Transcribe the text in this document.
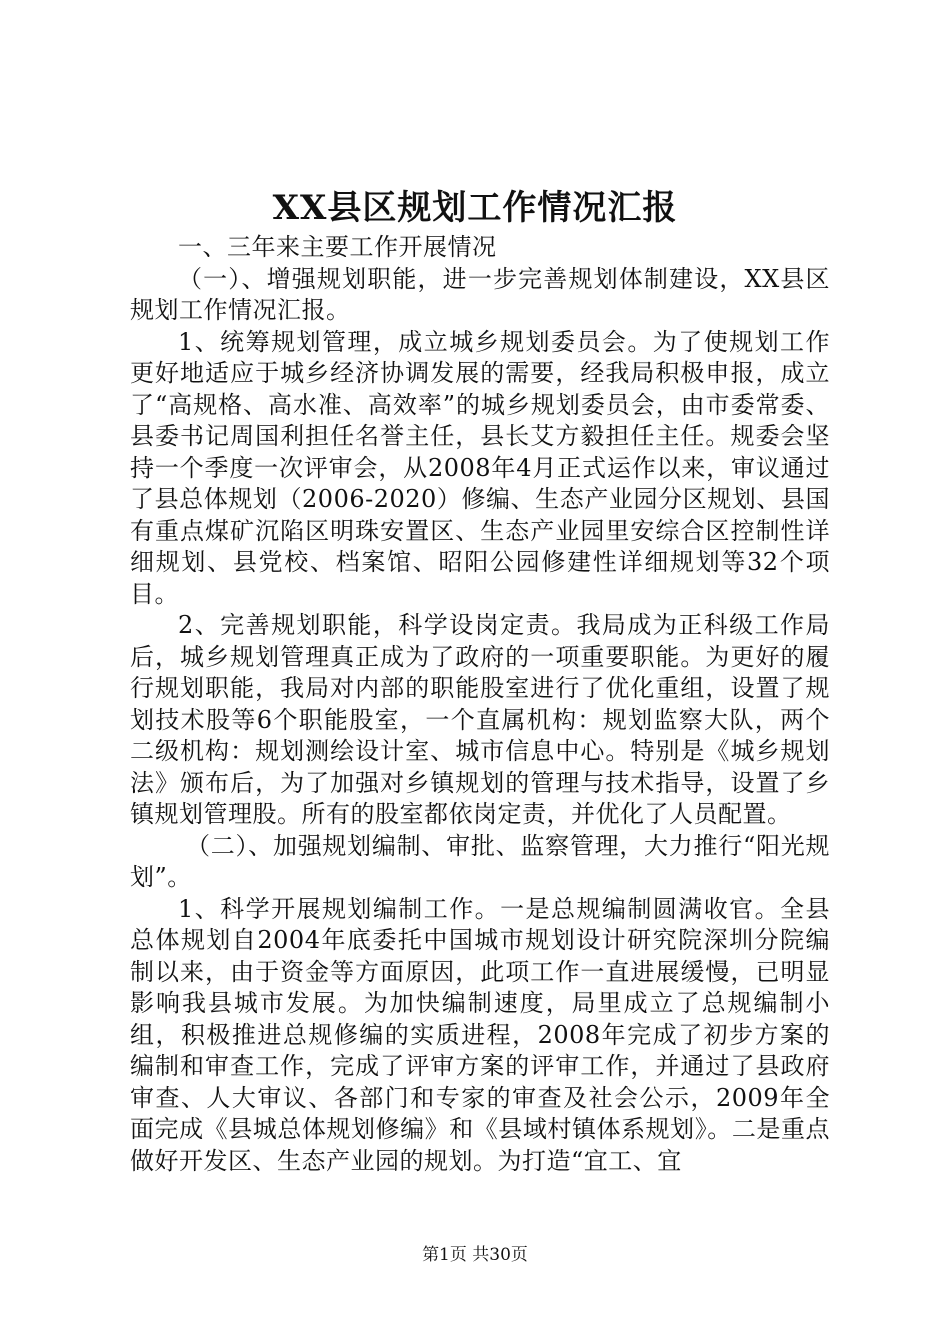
XX县区规划工作情况汇报

一、三年来主要工作开展情况

（一）、增强规划职能，进一步完善规划体制建设，XX县区规划工作情况汇报。

1、统筹规划管理，成立城乡规划委员会。为了使规划工作更好地适应于城乡经济协调发展的需要，经我局积极申报，成立了“高规格、高水准、高效率”的城乡规划委员会，由市委常委、县委书记周国利担任名誉主任，县长艾方毅担任主任。规委会坚持一个季度一次评审会，从2008年4月正式运作以来，审议通过了县总体规划（2006-2020）修编、生态产业园分区规划、县国有重点煤矿沉陷区明珠安置区、生态产业园里安综合区控制性详细规划、县党校、档案馆、昭阳公园修建性详细规划等32个项目。

2、完善规划职能，科学设岗定责。我局成为正科级工作局后，城乡规划管理真正成为了政府的一项重要职能。为更好的履行规划职能，我局对内部的职能股室进行了优化重组，设置了规划技术股等6个职能股室，一个直属机构：规划监察大队，两个二级机构：规划测绘设计室、城市信息中心。特别是《城乡规划法》颁布后，为了加强对乡镇规划的管理与技术指导，设置了乡镇规划管理股。所有的股室都依岗定责，并优化了人员配置。

（二）、加强规划编制、审批、监察管理，大力推行“阳光规划”。

1、科学开展规划编制工作。一是总规编制圆满收官。全县总体规划自2004年底委托中国城市规划设计研究院深圳分院编制以来，由于资金等方面原因，此项工作一直进展缓慢，已明显影响我县城市发展。为加快编制速度，局里成立了总规编制小组，积极推进总规修编的实质进程，2008年完成了初步方案的编制和审查工作，完成了评审方案的评审工作，并通过了县政府审查、人大审议、各部门和专家的审查及社会公示，2009年全面完成《县城总体规划修编》和《县域村镇体系规划》。二是重点做好开发区、生态产业园的规划。为打造“宜工、宜

第1页 共30页
